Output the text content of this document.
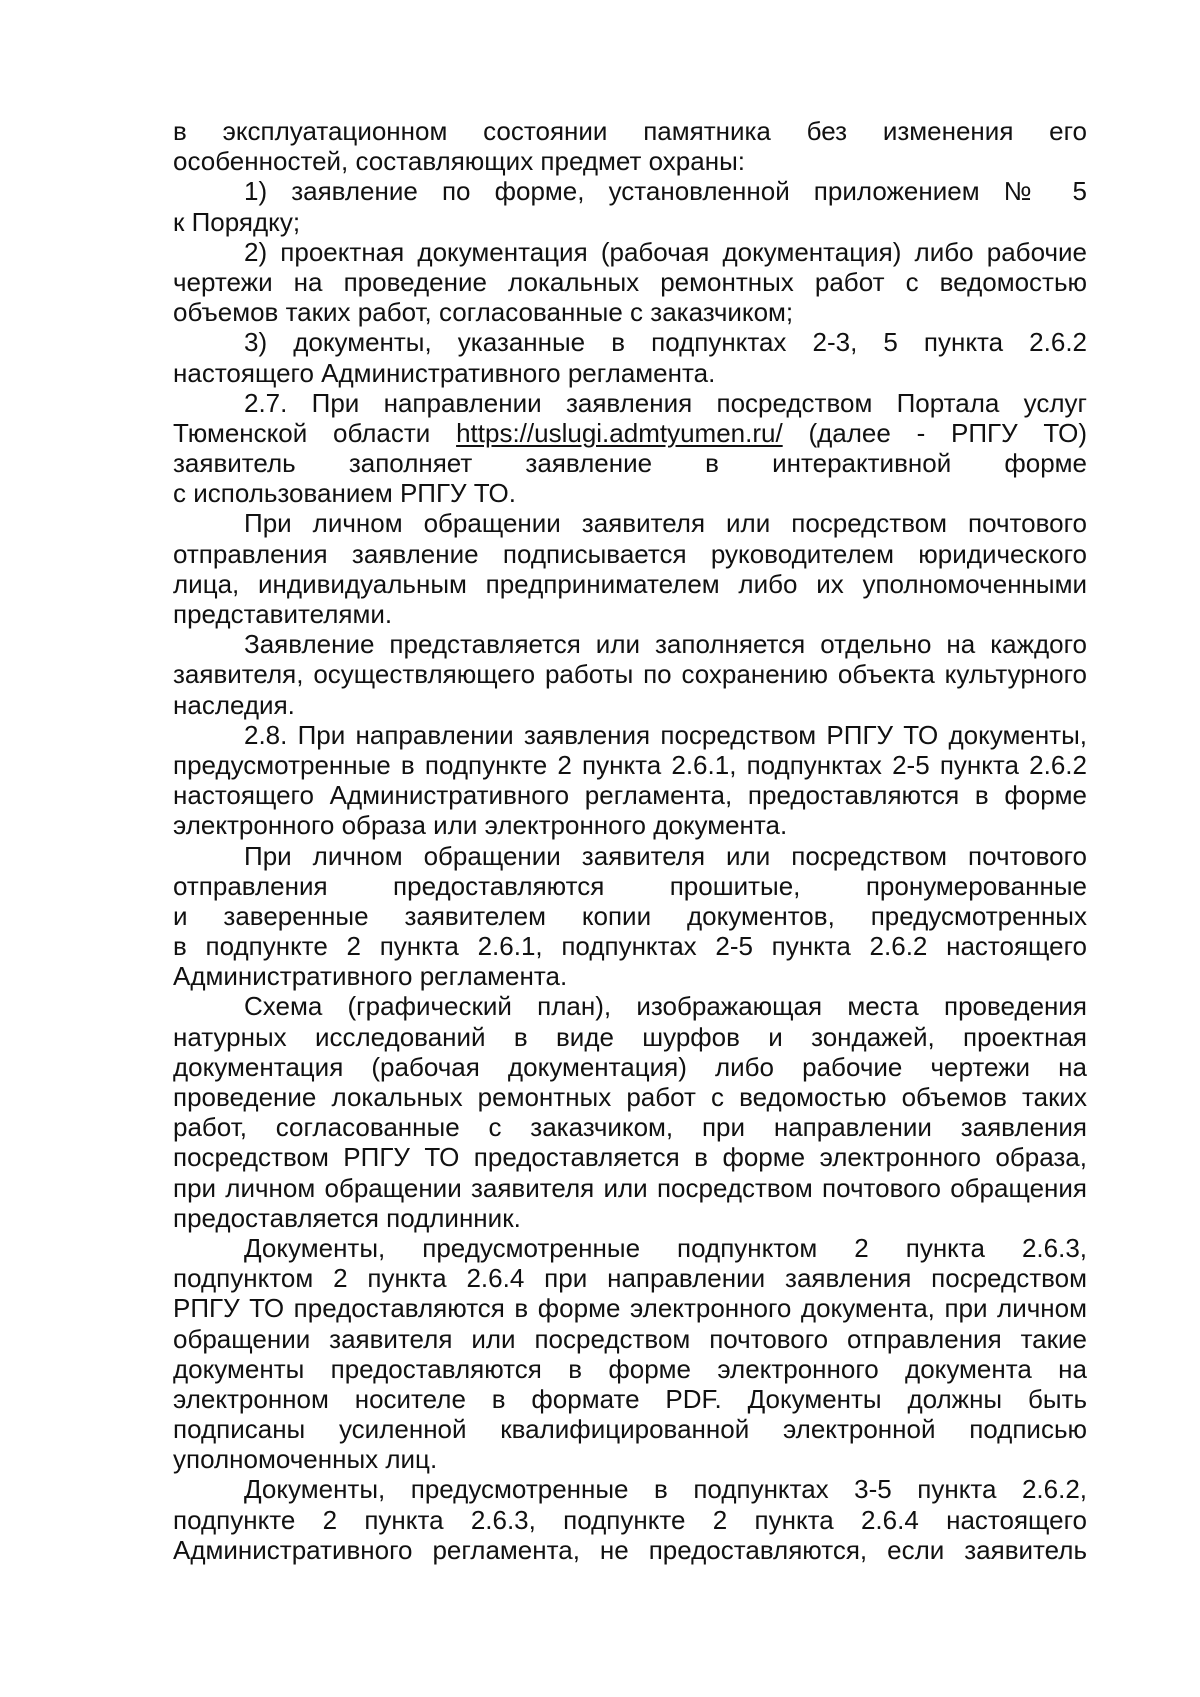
в эксплуатационном состоянии памятника без изменения его
особенностей, составляющих предмет охраны:
1) заявление по форме, установленной приложением № 5
к Порядку;
2) проектная документация (рабочая документация) либо рабочие
чертежи на проведение локальных ремонтных работ с ведомостью
объемов таких работ, согласованные с заказчиком;
3) документы, указанные в подпунктах 2-3, 5 пункта 2.6.2
настоящего Административного регламента.
2.7. При направлении заявления посредством Портала услуг
Тюменской области https://uslugi.admtyumen.ru/ (далее - РПГУ ТО)
заявитель заполняет заявление в интерактивной форме
с использованием РПГУ ТО.
При личном обращении заявителя или посредством почтового
отправления заявление подписывается руководителем юридического
лица, индивидуальным предпринимателем либо их уполномоченными
представителями.
Заявление представляется или заполняется отдельно на каждого
заявителя, осуществляющего работы по сохранению объекта культурного
наследия.
2.8. При направлении заявления посредством РПГУ ТО документы,
предусмотренные в подпункте 2 пункта 2.6.1, подпунктах 2-5 пункта 2.6.2
настоящего Административного регламента, предоставляются в форме
электронного образа или электронного документа.
При личном обращении заявителя или посредством почтового
отправления предоставляются прошитые, пронумерованные
и заверенные заявителем копии документов, предусмотренных
в подпункте 2 пункта 2.6.1, подпунктах 2-5 пункта 2.6.2 настоящего
Административного регламента.
Схема (графический план), изображающая места проведения
натурных исследований в виде шурфов и зондажей, проектная
документация (рабочая документация) либо рабочие чертежи на
проведение локальных ремонтных работ с ведомостью объемов таких
работ, согласованные с заказчиком, при направлении заявления
посредством РПГУ ТО предоставляется в форме электронного образа,
при личном обращении заявителя или посредством почтового обращения
предоставляется подлинник.
Документы, предусмотренные подпунктом 2 пункта 2.6.3,
подпунктом 2 пункта 2.6.4 при направлении заявления посредством
РПГУ ТО предоставляются в форме электронного документа, при личном
обращении заявителя или посредством почтового отправления такие
документы предоставляются в форме электронного документа на
электронном носителе в формате PDF. Документы должны быть
подписаны усиленной квалифицированной электронной подписью
уполномоченных лиц.
Документы, предусмотренные в подпунктах 3-5 пункта 2.6.2,
подпункте 2 пункта 2.6.3, подпункте 2 пункта 2.6.4 настоящего
Административного регламента, не предоставляются, если заявитель
